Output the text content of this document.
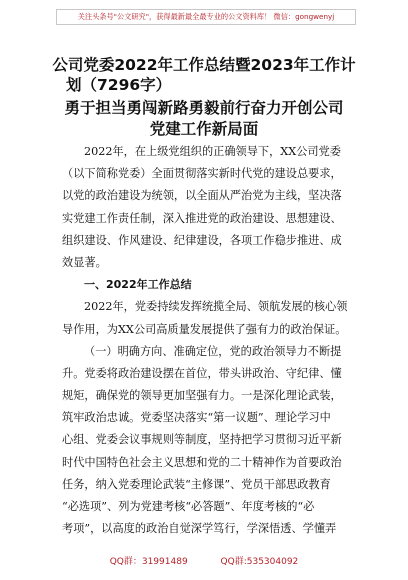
关注头条号"公文研究"，获得最新最全最专业的公文资料库！ 微信：gongwenyj
公司党委2022年工作总结暨2023年工作计
划（7296字）
勇于担当勇闯新路勇毅前行奋力开创公司
党建工作新局面
2022年，在上级党组织的正确领导下，XX公司党委
（以下简称党委）全面贯彻落实新时代党的建设总要求，
以党的政治建设为统领，以全面从严治党为主线，坚决落
实党建工作责任制，深入推进党的政治建设、思想建设、
组织建设、作风建设、纪律建设，各项工作稳步推进、成
效显著。
一、2022年工作总结
2022年，党委持续发挥统揽全局、领航发展的核心领
导作用，为XX公司高质量发展提供了强有力的政治保证。
（一）明确方向、准确定位，党的政治领导力不断提
升。党委将政治建设摆在首位，带头讲政治、守纪律、懂
规矩，确保党的领导更加坚强有力。一是深化理论武装，
筑牢政治忠诚。党委坚决落实“第一议题”、理论学习中
心组、党委会议事规则等制度，坚持把学习贯彻习近平新
时代中国特色社会主义思想和党的二十精神作为首要政治
任务，纳入党委理论武装“主修课”、党员干部思政教育
“必选项”、列为党建考核“必答题”、年度考核的“必
考项”，以高度的政治自觉深学笃行，学深悟透、学懂弄
QQ群：31991489	QQ群:535304092
